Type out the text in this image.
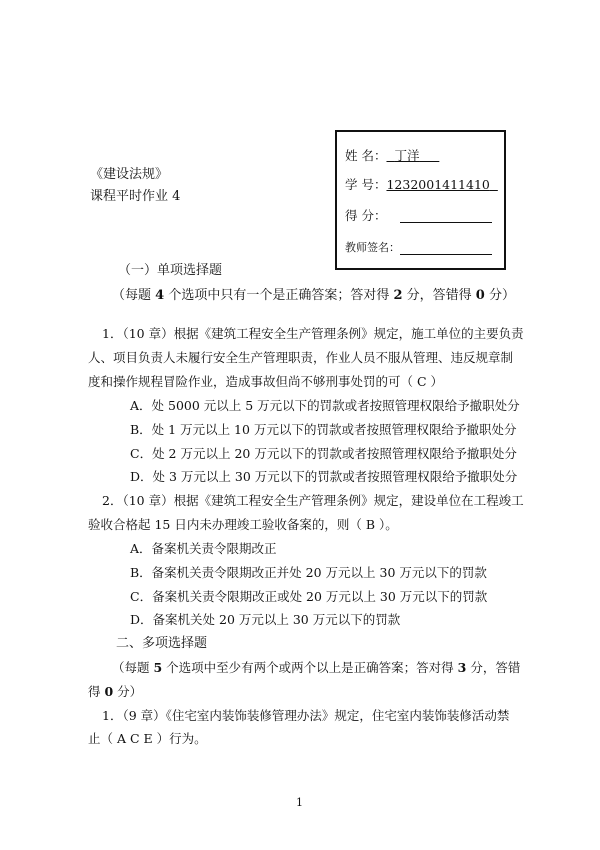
姓 名： 丁洋
学 号：1232001411410
得 分：
教师签名：
《建设法规》
课程平时作业 4
（一）单项选择题
（每题 4 个选项中只有一个是正确答案；答对得 2 分，答错得 0 分）
1．（10 章）根据《建筑工程安全生产管理条例》规定，施工单位的主要负责
人、项目负责人未履行安全生产管理职责，作业人员不服从管理、违反规章制
度和操作规程冒险作业，造成事故但尚不够刑事处罚的可（ C ）
A．处 5000 元以上 5 万元以下的罚款或者按照管理权限给予撤职处分
B．处 1 万元以上 10 万元以下的罚款或者按照管理权限给予撤职处分
C．处 2 万元以上 20 万元以下的罚款或者按照管理权限给予撤职处分
D．处 3 万元以上 30 万元以下的罚款或者按照管理权限给予撤职处分
2．（10 章）根据《建筑工程安全生产管理条例》规定，建设单位在工程竣工
验收合格起 15 日内未办理竣工验收备案的，则（ B ）。
A．备案机关责令限期改正
B．备案机关责令限期改正并处 20 万元以上 30 万元以下的罚款
C．备案机关责令限期改正或处 20 万元以上 30 万元以下的罚款
D．备案机关处 20 万元以上 30 万元以下的罚款
二、多项选择题
（每题 5 个选项中至少有两个或两个以上是正确答案；答对得 3 分，答错
得 0 分）
1．（9 章）《住宅室内装饰装修管理办法》规定，住宅室内装饰装修活动禁
止（ A C E ）行为。
1
